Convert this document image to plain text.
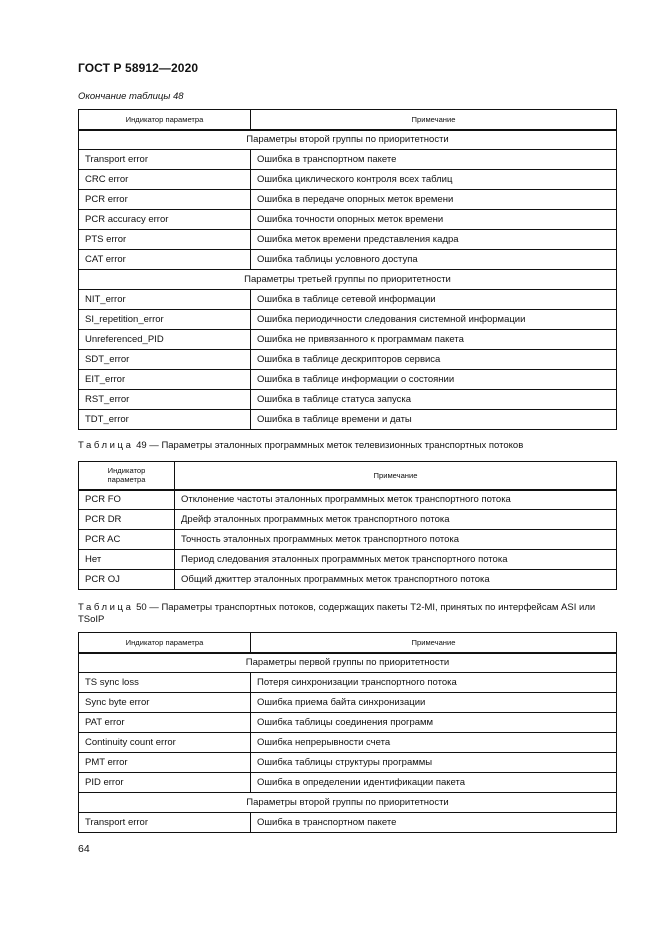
ГОСТ Р 58912—2020
Окончание таблицы 48
Индикатор параметра	Примечание
Параметры второй группы по приоритетности	
Transport error	Ошибка в транспортном пакете
CRC error	Ошибка циклического контроля всех таблиц
PCR error	Ошибка в передаче опорных меток времени
PCR accuracy error	Ошибка точности опорных меток времени
PTS error	Ошибка меток времени представления кадра
CAT error	Ошибка таблицы условного доступа
Параметры третьей группы по приоритетности	
NIT_error	Ошибка в таблице сетевой информации
SI_repetition_error	Ошибка периодичности следования системной информации
Unreferenced_PID	Ошибка не привязанного к программам пакета
SDT_error	Ошибка в таблице дескрипторов сервиса
EIT_error	Ошибка в таблице информации о состоянии
RST_error	Ошибка в таблице статуса запуска
TDT_error	Ошибка в таблице времени и даты
Таблица 49 — Параметры эталонных программных меток телевизионных транспортных потоков
Индикатор параметра	Примечание
PCR FO	Отклонение частоты эталонных программных меток транспортного потока
PCR DR	Дрейф эталонных программных меток транспортного потока
PCR AC	Точность эталонных программных меток транспортного потока
Нет	Период следования эталонных программных меток транспортного потока
PCR OJ	Общий джиттер эталонных программных меток транспортного потока
Таблица 50 — Параметры транспортных потоков, содержащих пакеты T2-MI, принятых по интерфейсам ASI или TSoIP
Индикатор параметра	Примечание
Параметры первой группы по приоритетности	
TS sync loss	Потеря синхронизации транспортного потока
Sync byte error	Ошибка приема байта синхронизации
PAT error	Ошибка таблицы соединения программ
Continuity count error	Ошибка непрерывности счета
PMT error	Ошибка таблицы структуры программы
PID error	Ошибка в определении идентификации пакета
Параметры второй группы по приоритетности	
Transport error	Ошибка в транспортном пакете
64
